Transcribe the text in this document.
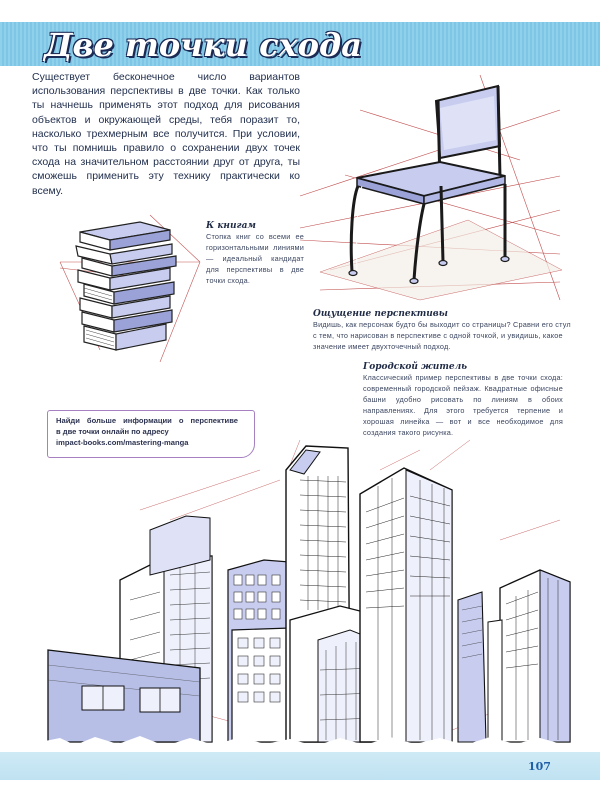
Две точки схода
Существует бесконечное число вариантов использования перспективы в две точки. Как только ты начнешь применять этот подход для рисования объектов и окружающей среды, тебя поразит то, насколько трехмерным все получится. При условии, что ты помнишь правило о сохранении двух точек схода на значительном расстоянии друг от друга, ты сможешь применить эту технику практически ко всему.
К книгам
Стопка книг со всеми ее горизонтальными линиями — идеальный кандидат для перспективы в две точки схода.
Ощущение перспективы
Видишь, как персонаж будто бы выходит со страницы? Сравни его стул с тем, что нарисован в перспективе с одной точкой, и увидишь, какое значение имеет двухточечный подход.
Городской житель
Классический пример перспективы в две точки схода: современный городской пейзаж. Квадратные офисные башни удобно рисовать по линиям в обоих направлениях. Для этого требуется терпение и хорошая линейка — вот и все необходимое для создания такого рисунка.
Найди больше информации о перспективе
в две точки онлайн по адресу
impact-books.com/mastering-manga
107
